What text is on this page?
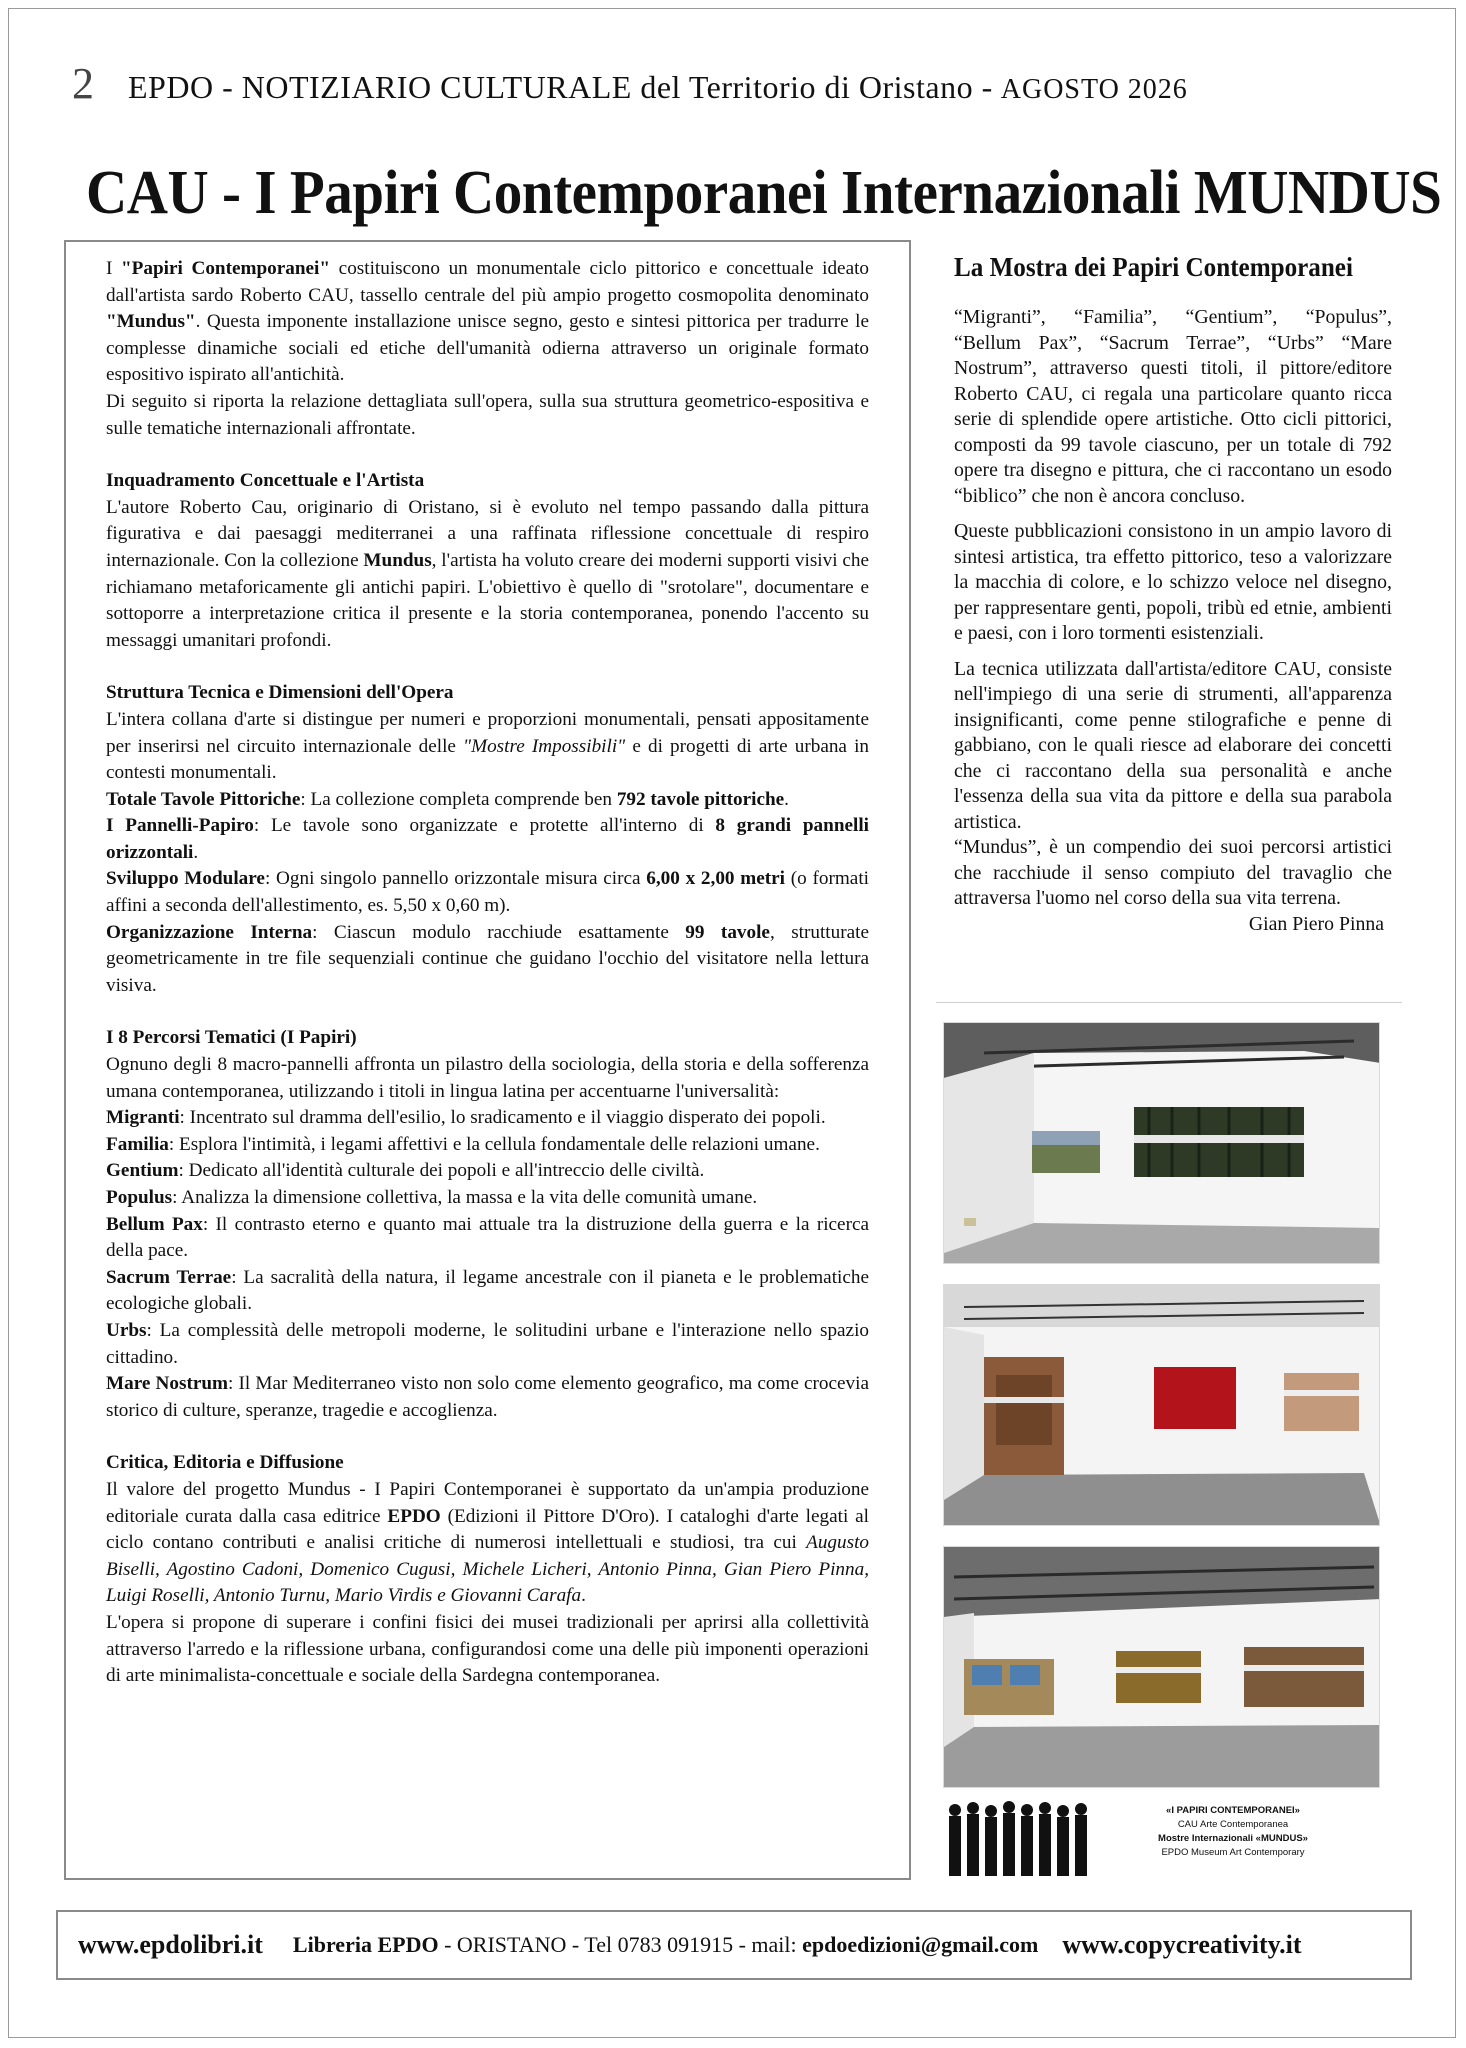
2 EPDO - NOTIZIARIO CULTURALE del Territorio di Oristano - AGOSTO 2026
CAU - I Papiri Contemporanei Internazionali MUNDUS

I "Papiri Contemporanei" costituiscono un monumentale ciclo pittorico e concettuale ideato dall'artista sardo Roberto CAU, tassello centrale del più ampio progetto cosmopolita denominato "Mundus". Questa imponente installazione unisce segno, gesto e sintesi pittorica per tradurre le complesse dinamiche sociali ed etiche dell'umanità odierna attraverso un originale formato espositivo ispirato all'antichità.

Di seguito si riporta la relazione dettagliata sull'opera, sulla sua struttura geometrico-espositiva e sulle tematiche internazionali affrontate.

Inquadramento Concettuale e l'Artista

L'autore Roberto Cau, originario di Oristano, si è evoluto nel tempo passando dalla pittura figurativa e dai paesaggi mediterranei a una raffinata riflessione concettuale di respiro internazionale. Con la collezione Mundus, l'artista ha voluto creare dei moderni supporti visivi che richiamano metaforicamente gli antichi papiri. L'obiettivo è quello di "srotolare", documentare e sottoporre a interpretazione critica il presente e la storia contemporanea, ponendo l'accento su messaggi umanitari profondi.

Struttura Tecnica e Dimensioni dell'Opera

L'intera collana d'arte si distingue per numeri e proporzioni monumentali, pensati appositamente per inserirsi nel circuito internazionale delle "Mostre Impossibili" e di progetti di arte urbana in contesti monumentali.

Totale Tavole Pittoriche: La collezione completa comprende ben 792 tavole pittoriche.

I Pannelli-Papiro: Le tavole sono organizzate e protette all'interno di 8 grandi pannelli orizzontali.

Sviluppo Modulare: Ogni singolo pannello orizzontale misura circa 6,00 x 2,00 metri (o formati affini a seconda dell'allestimento, es. 5,50 x 0,60 m).

Organizzazione Interna: Ciascun modulo racchiude esattamente 99 tavole, strutturate geometricamente in tre file sequenziali continue che guidano l'occhio del visitatore nella lettura visiva.

I 8 Percorsi Tematici (I Papiri)

Ognuno degli 8 macro-pannelli affronta un pilastro della sociologia, della storia e della sofferenza umana contemporanea, utilizzando i titoli in lingua latina per accentuarne l'universalità:

Migranti: Incentrato sul dramma dell'esilio, lo sradicamento e il viaggio disperato dei popoli.

Familia: Esplora l'intimità, i legami affettivi e la cellula fondamentale delle relazioni umane.

Gentium: Dedicato all'identità culturale dei popoli e all'intreccio delle civiltà.

Populus: Analizza la dimensione collettiva, la massa e la vita delle comunità umane.

Bellum Pax: Il contrasto eterno e quanto mai attuale tra la distruzione della guerra e la ricerca della pace.

Sacrum Terrae: La sacralità della natura, il legame ancestrale con il pianeta e le problematiche ecologiche globali.

Urbs: La complessità delle metropoli moderne, le solitudini urbane e l'interazione nello spazio cittadino.

Mare Nostrum: Il Mar Mediterraneo visto non solo come elemento geografico, ma come crocevia storico di culture, speranze, tragedie e accoglienza.

Critica, Editoria e Diffusione

Il valore del progetto Mundus - I Papiri Contemporanei è supportato da un'ampia produzione editoriale curata dalla casa editrice EPDO (Edizioni il Pittore D'Oro). I cataloghi d'arte legati al ciclo contano contributi e analisi critiche di numerosi intellettuali e studiosi, tra cui Augusto Biselli, Agostino Cadoni, Domenico Cugusi, Michele Licheri, Antonio Pinna, Gian Piero Pinna, Luigi Roselli, Antonio Turnu, Mario Virdis e Giovanni Carafa.

L'opera si propone di superare i confini fisici dei musei tradizionali per aprirsi alla collettività attraverso l'arredo e la riflessione urbana, configurandosi come una delle più imponenti operazioni di arte minimalista-concettuale e sociale della Sardegna contemporanea.

La Mostra dei Papiri Contemporanei

“Migranti”, “Familia”, “Gentium”, “Populus”, “Bellum Pax”, “Sacrum Terrae”, “Urbs” “Mare Nostrum”, attraverso questi titoli, il pittore/editore Roberto CAU, ci regala una particolare quanto ricca serie di splendide opere artistiche. Otto cicli pittorici, composti da 99 tavole ciascuno, per un totale di 792 opere tra disegno e pittura, che ci raccontano un esodo “biblico” che non è ancora concluso.

Queste pubblicazioni consistono in un ampio lavoro di sintesi artistica, tra effetto pittorico, teso a valorizzare la macchia di colore, e lo schizzo veloce nel disegno, per rappresentare genti, popoli, tribù ed etnie, ambienti e paesi, con i loro tormenti esistenziali.

La tecnica utilizzata dall'artista/editore CAU, consiste nell'impiego di una serie di strumenti, all'apparenza insignificanti, come penne stilografiche e penne di gabbiano, con le quali riesce ad elaborare dei concetti che ci raccontano della sua personalità e anche l'essenza della sua vita da pittore e della sua parabola artistica.

“Mundus”, è un compendio dei suoi percorsi artistici che racchiude il senso compiuto del travaglio che attraversa l'uomo nel corso della sua vita terrena.
Gian Piero Pinna

«I PAPIRI CONTEMPORANEI»
CAU Arte Contemporanea
Mostre Internazionali «MUNDUS»
EPDO Museum Art Contemporary
www.epdolibri.it Libreria EPDO - ORISTANO - Tel 0783 091915 - mail: epdoedizioni@gmail.com www.copycreativity.it
